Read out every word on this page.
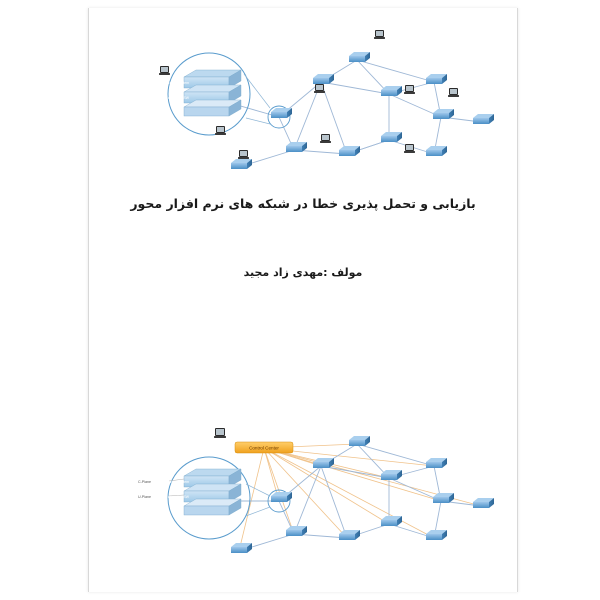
Operating System
Forwarding SW
بازیابی و تحمل پذیری خطا در شبکه های نرم افزار محور
مولف :مهدی زاد مجید
Control Center
C-Plane
U-Plane
Operating System
Forwarding SW
